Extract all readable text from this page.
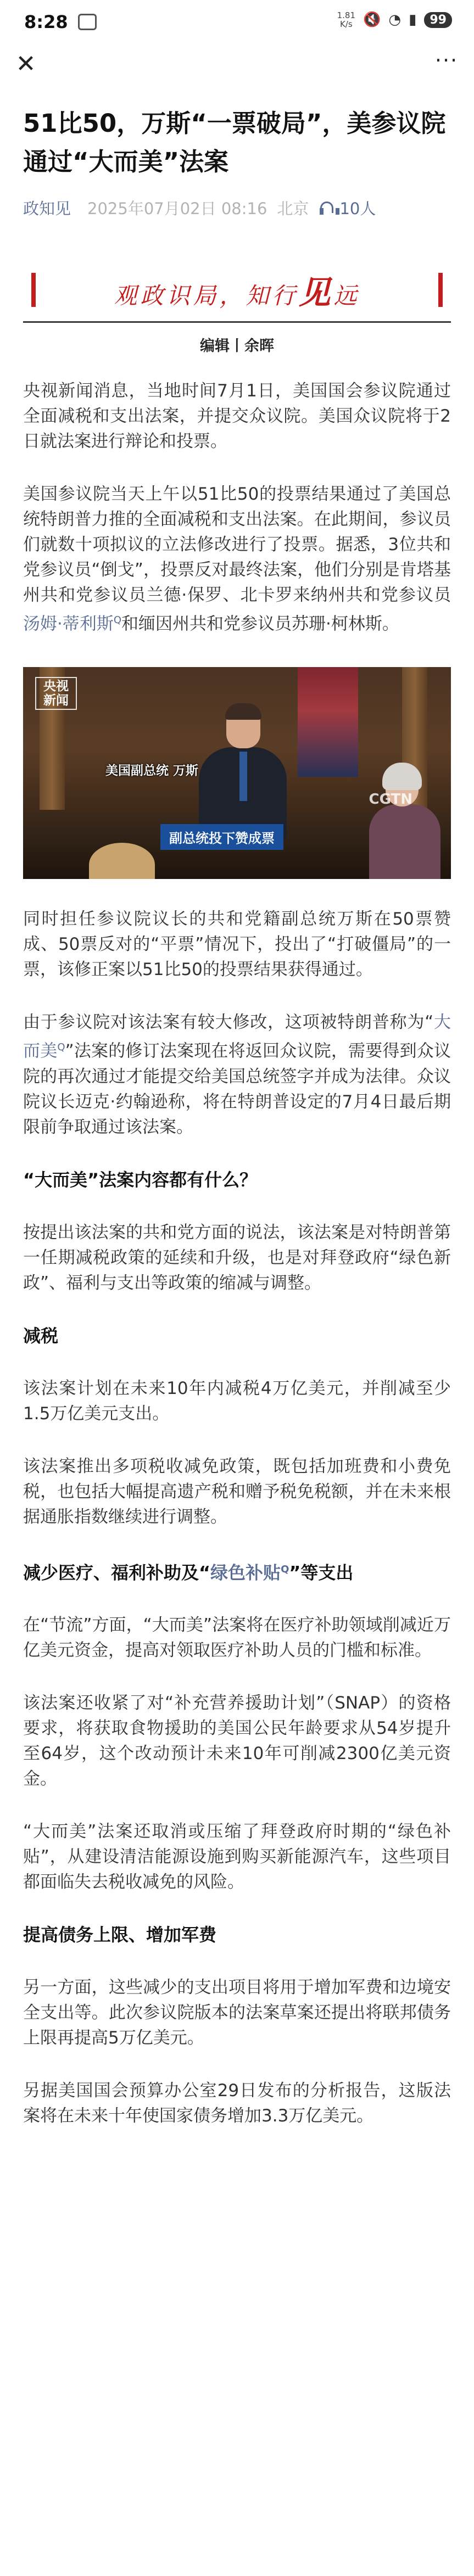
8:28	1.81
K/s 🔇 ◔ ▮	99
✕	···
51比50，万斯“一票破局”，美参议院通过“大而美”法案
政知见 2025年07月02日 08:16 北京 10人
观政识局，知行见远
编辑丨余晖

央视新闻消息，当地时间7月1日，美国国会参议院通过全面减税和支出法案，并提交众议院。美国众议院将于2日就法案进行辩论和投票。

美国参议院当天上午以51比50的投票结果通过了美国总统特朗普力推的全面减税和支出法案。在此期间，参议员们就数十项拟议的立法修改进行了投票。据悉，3位共和党参议员“倒戈”，投票反对最终法案，他们分别是肯塔基州共和党参议员兰德·保罗、北卡罗来纳州共和党参议员汤姆·蒂利斯$^Q$和缅因州共和党参议员苏珊·柯林斯。

央视
新闻
美国副总统 万斯
CGTN
副总统投下赞成票

同时担任参议院议长的共和党籍副总统万斯在50票赞成、50票反对的“平票”情况下，投出了“打破僵局”的一票，该修正案以51比50的投票结果获得通过。

由于参议院对该法案有较大修改，这项被特朗普称为“大而美$^Q$”法案的修订法案现在将返回众议院，需要得到众议院的再次通过才能提交给美国总统签字并成为法律。众议院议长迈克·约翰逊称，将在特朗普设定的7月4日最后期限前争取通过该法案。

“大而美”法案内容都有什么？

按提出该法案的共和党方面的说法，该法案是对特朗普第一任期减税政策的延续和升级，也是对拜登政府“绿色新政”、福利与支出等政策的缩减与调整。

减税

该法案计划在未来10年内减税4万亿美元，并削减至少1.5万亿美元支出。

该法案推出多项税收减免政策，既包括加班费和小费免税，也包括大幅提高遗产税和赠予税免税额，并在未来根据通胀指数继续进行调整。

减少医疗、福利补助及“绿色补贴$^Q$”等支出

在“节流”方面，“大而美”法案将在医疗补助领域削减近万亿美元资金，提高对领取医疗补助人员的门槛和标准。

该法案还收紧了对“补充营养援助计划”（SNAP）的资格要求，将获取食物援助的美国公民年龄要求从54岁提升至64岁，这个改动预计未来10年可削减2300亿美元资金。

“大而美”法案还取消或压缩了拜登政府时期的“绿色补贴”，从建设清洁能源设施到购买新能源汽车，这些项目都面临失去税收减免的风险。

提高债务上限、增加军费

另一方面，这些减少的支出项目将用于增加军费和边境安全支出等。此次参议院版本的法案草案还提出将联邦债务上限再提高5万亿美元。

另据美国国会预算办公室29日发布的分析报告，这版法案将在未来十年使国家债务增加3.3万亿美元。
